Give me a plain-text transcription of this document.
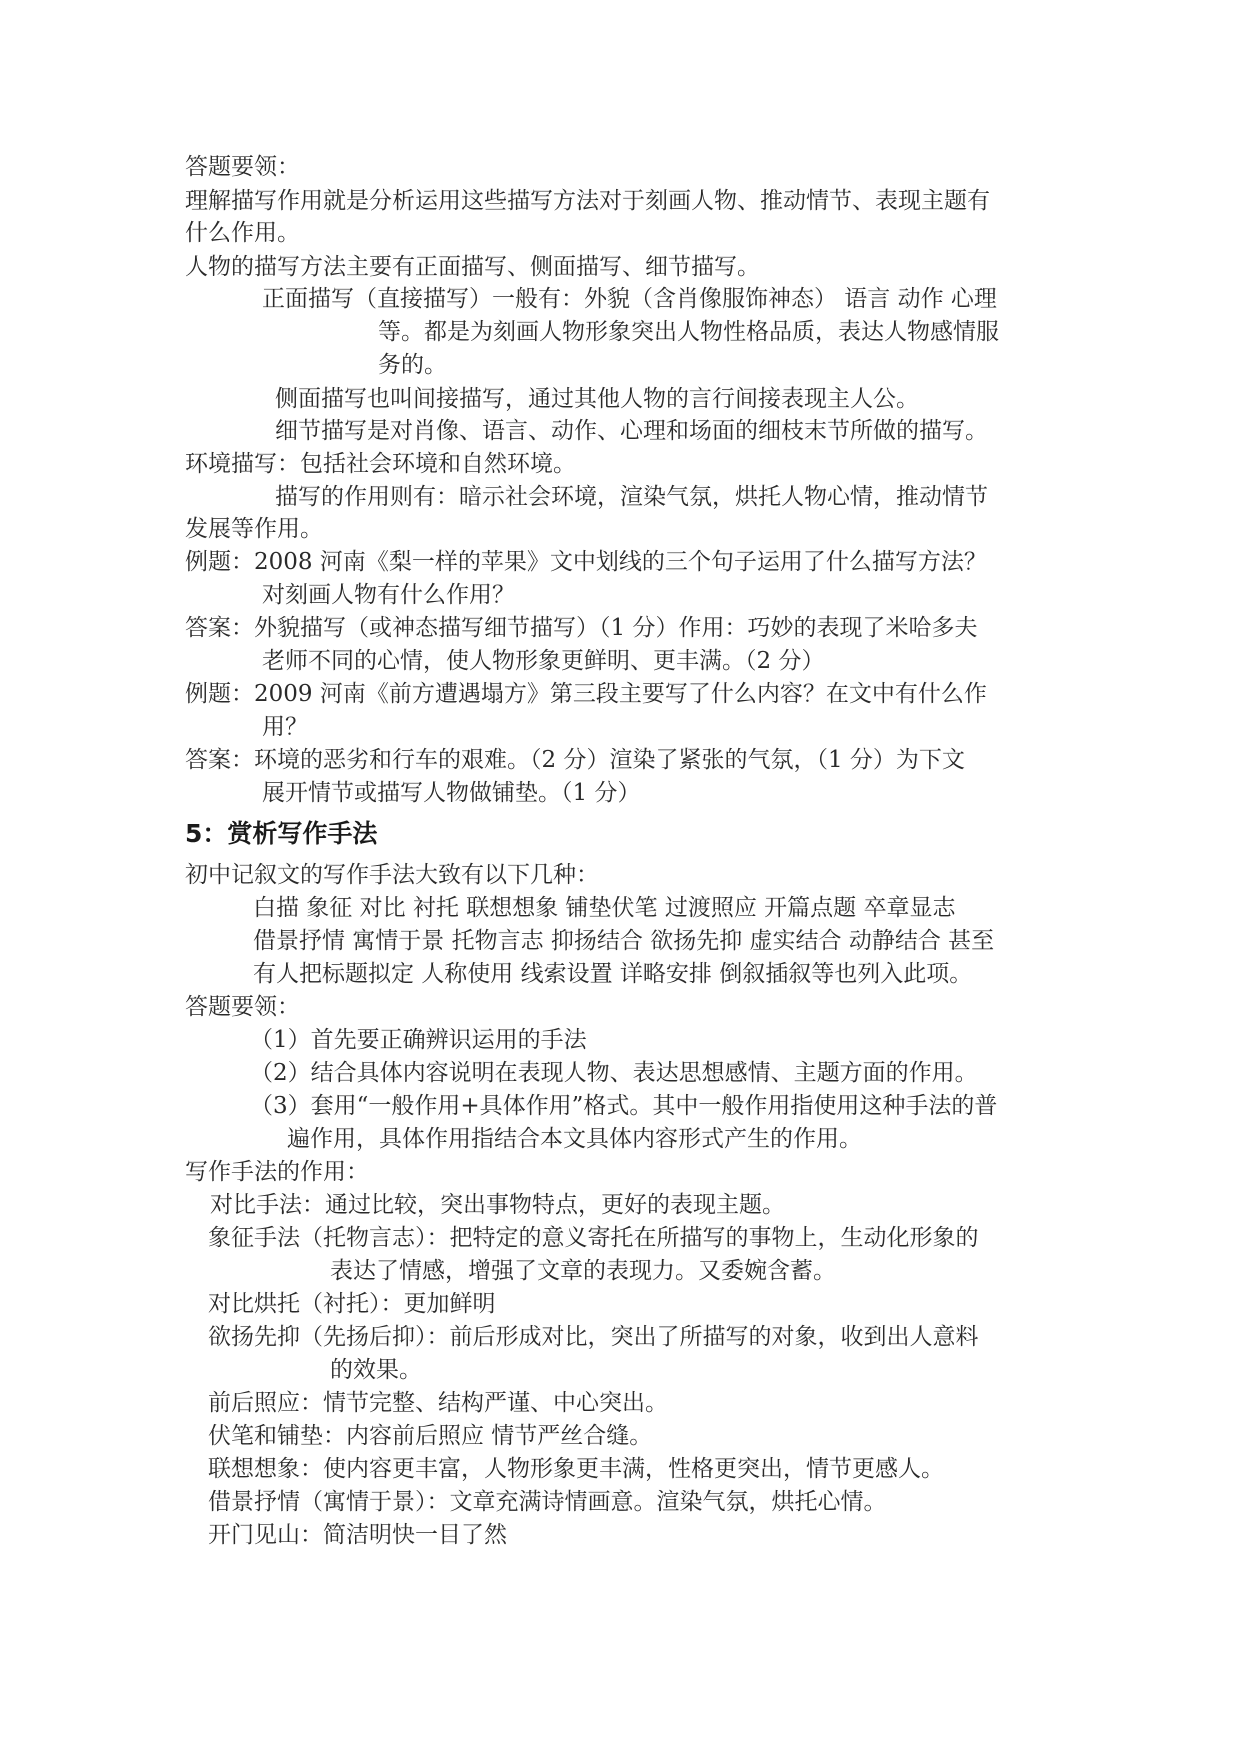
答题要领：
理解描写作用就是分析运用这些描写方法对于刻画人物、推动情节、表现主题有
什么作用。
人物的描写方法主要有正面描写、侧面描写、细节描写。
正面描写（直接描写）一般有：外貌（含肖像服饰神态） 语言 动作 心理
等。都是为刻画人物形象突出人物性格品质，表达人物感情服
务的。
侧面描写也叫间接描写，通过其他人物的言行间接表现主人公。
细节描写是对肖像、语言、动作、心理和场面的细枝末节所做的描写。
环境描写：包括社会环境和自然环境。
描写的作用则有：暗示社会环境，渲染气氛，烘托人物心情，推动情节
发展等作用。
例题：2008 河南《梨一样的苹果》文中划线的三个句子运用了什么描写方法？
对刻画人物有什么作用？
答案：外貌描写（或神态描写细节描写）（1 分）作用：巧妙的表现了米哈多夫
老师不同的心情，使人物形象更鲜明、更丰满。（2 分）
例题：2009 河南《前方遭遇塌方》第三段主要写了什么内容？在文中有什么作
用？
答案：环境的恶劣和行车的艰难。（2 分）渲染了紧张的气氛，（1 分）为下文
展开情节或描写人物做铺垫。（1 分）
5：赏析写作手法
初中记叙文的写作手法大致有以下几种：
白描 象征 对比 衬托 联想想象 铺垫伏笔 过渡照应 开篇点题 卒章显志
借景抒情 寓情于景 托物言志 抑扬结合 欲扬先抑 虚实结合 动静结合 甚至
有人把标题拟定 人称使用 线索设置 详略安排 倒叙插叙等也列入此项。
答题要领：
（1）首先要正确辨识运用的手法
（2）结合具体内容说明在表现人物、表达思想感情、主题方面的作用。
（3）套用“一般作用+具体作用”格式。其中一般作用指使用这种手法的普
遍作用，具体作用指结合本文具体内容形式产生的作用。
写作手法的作用：
对比手法：通过比较，突出事物特点，更好的表现主题。
象征手法（托物言志）：把特定的意义寄托在所描写的事物上，生动化形象的
表达了情感，增强了文章的表现力。又委婉含蓄。
对比烘托（衬托）：更加鲜明
欲扬先抑（先扬后抑）：前后形成对比，突出了所描写的对象，收到出人意料
的效果。
前后照应：情节完整、结构严谨、中心突出。
伏笔和铺垫：内容前后照应 情节严丝合缝。
联想想象：使内容更丰富，人物形象更丰满，性格更突出，情节更感人。
借景抒情（寓情于景）：文章充满诗情画意。渲染气氛，烘托心情。
开门见山：简洁明快一目了然
